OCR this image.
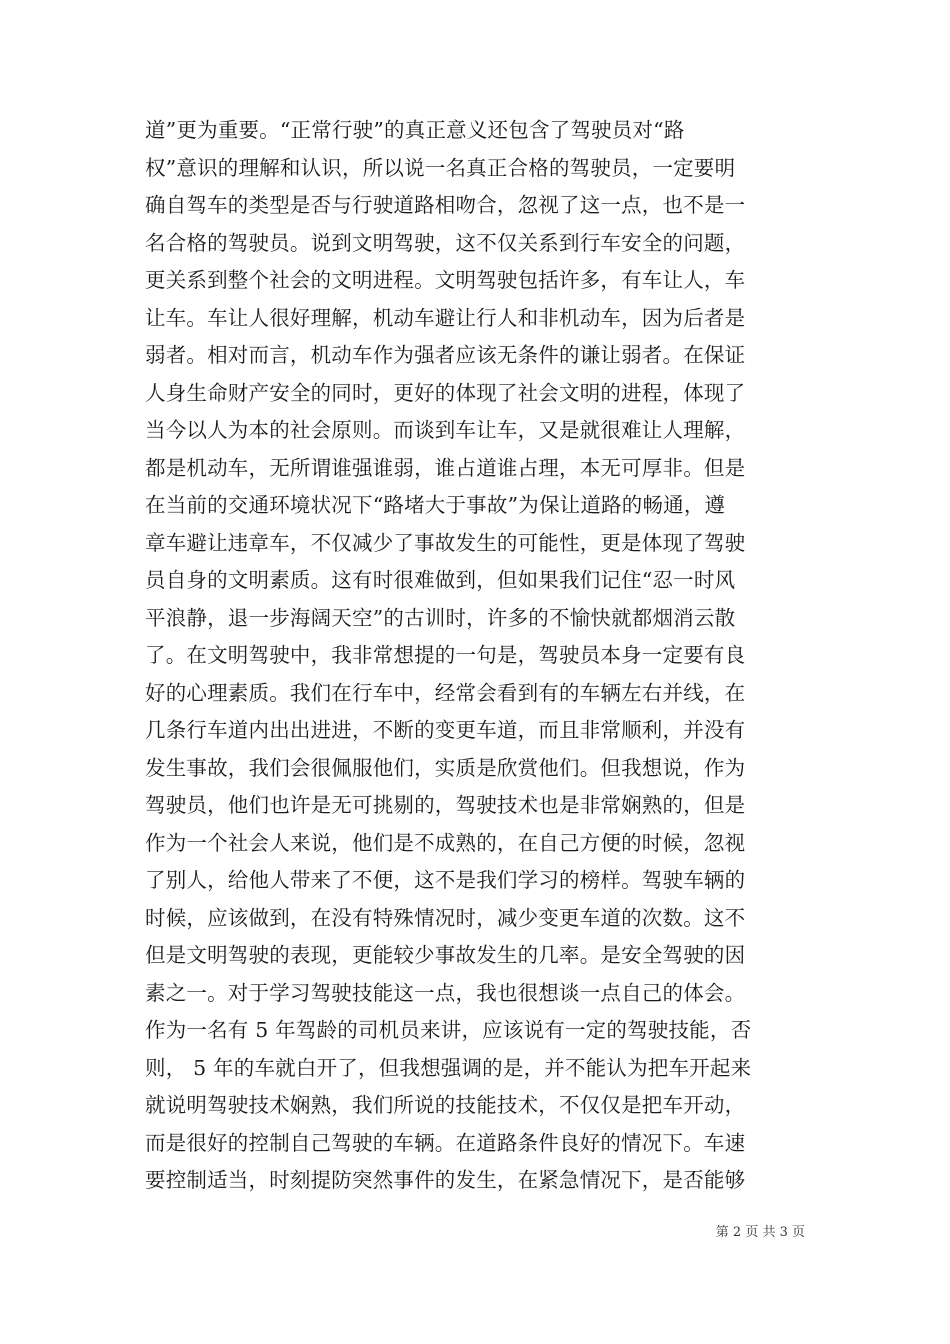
道”更为重要。“正常行驶”的真正意义还包含了驾驶员对“路
权”意识的理解和认识，所以说一名真正合格的驾驶员，一定要明
确自驾车的类型是否与行驶道路相吻合，忽视了这一点，也不是一
名合格的驾驶员。说到文明驾驶，这不仅关系到行车安全的问题，
更关系到整个社会的文明进程。文明驾驶包括许多，有车让人，车
让车。车让人很好理解，机动车避让行人和非机动车，因为后者是
弱者。相对而言，机动车作为强者应该无条件的谦让弱者。在保证
人身生命财产安全的同时，更好的体现了社会文明的进程，体现了
当今以人为本的社会原则。而谈到车让车，又是就很难让人理解，
都是机动车，无所谓谁强谁弱，谁占道谁占理，本无可厚非。但是
在当前的交通环境状况下“路堵大于事故”为保让道路的畅通，遵
章车避让违章车，不仅减少了事故发生的可能性，更是体现了驾驶
员自身的文明素质。这有时很难做到，但如果我们记住“忍一时风
平浪静，退一步海阔天空”的古训时，许多的不愉快就都烟消云散
了。在文明驾驶中，我非常想提的一句是，驾驶员本身一定要有良
好的心理素质。我们在行车中，经常会看到有的车辆左右并线，在
几条行车道内出出进进，不断的变更车道，而且非常顺利，并没有
发生事故，我们会很佩服他们，实质是欣赏他们。但我想说，作为
驾驶员，他们也许是无可挑剔的，驾驶技术也是非常娴熟的，但是
作为一个社会人来说，他们是不成熟的，在自己方便的时候，忽视
了别人，给他人带来了不便，这不是我们学习的榜样。驾驶车辆的
时候，应该做到，在没有特殊情况时，减少变更车道的次数。这不
但是文明驾驶的表现，更能较少事故发生的几率。是安全驾驶的因
素之一。对于学习驾驶技能这一点，我也很想谈一点自己的体会。
作为一名有 5 年驾龄的司机员来讲，应该说有一定的驾驶技能，否
则， 5 年的车就白开了，但我想强调的是，并不能认为把车开起来
就说明驾驶技术娴熟，我们所说的技能技术，不仅仅是把车开动，
而是很好的控制自己驾驶的车辆。在道路条件良好的情况下。车速
要控制适当，时刻提防突然事件的发生，在紧急情况下，是否能够
第 2 页 共 3 页
